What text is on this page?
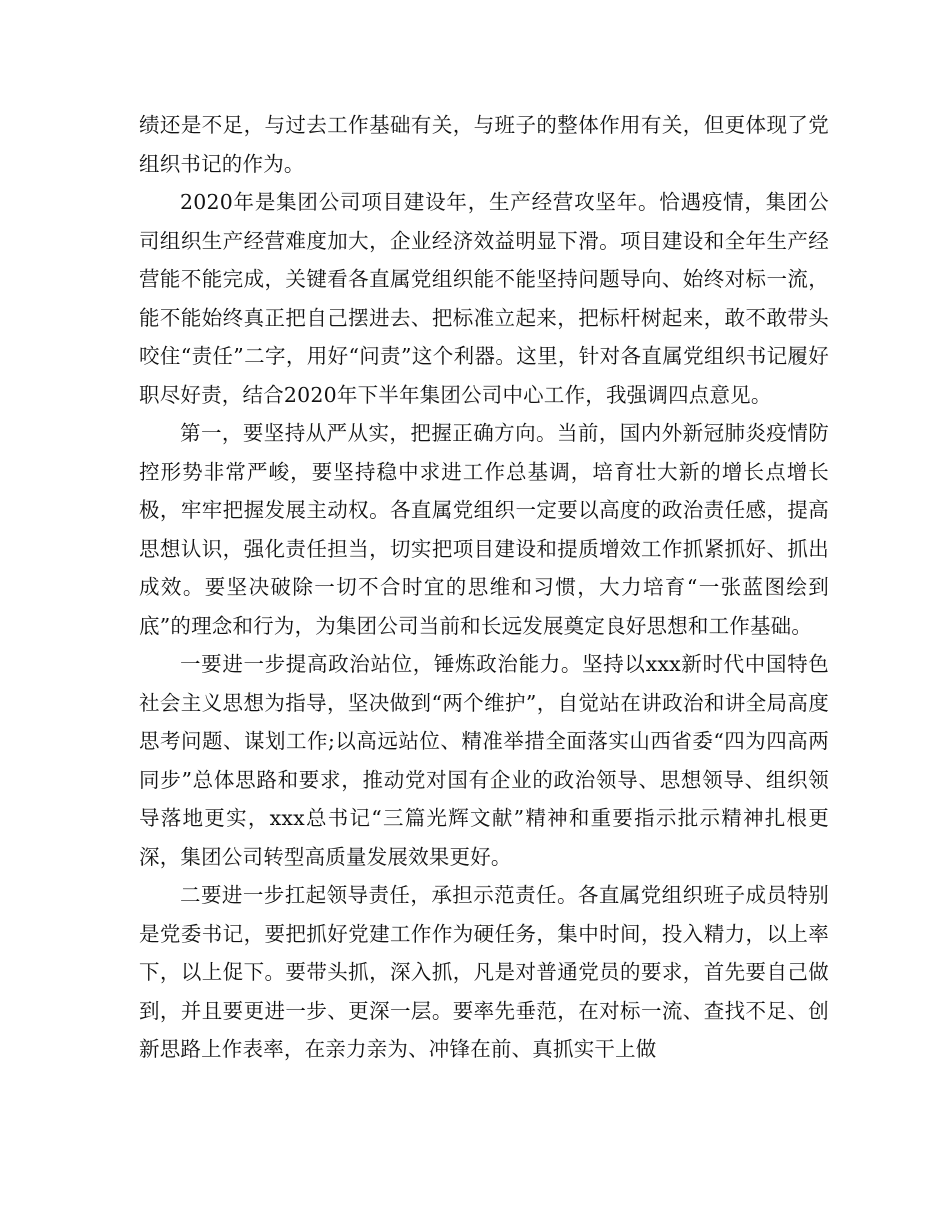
绩还是不足，与过去工作基础有关，与班子的整体作用有关，但更体现了党组织书记的作为。

2020年是集团公司项目建设年，生产经营攻坚年。恰遇疫情，集团公司组织生产经营难度加大，企业经济效益明显下滑。项目建设和全年生产经营能不能完成，关键看各直属党组织能不能坚持问题导向、始终对标一流，能不能始终真正把自己摆进去、把标准立起来，把标杆树起来，敢不敢带头咬住“责任”二字，用好“问责”这个利器。这里，针对各直属党组织书记履好职尽好责，结合2020年下半年集团公司中心工作，我强调四点意见。

第一，要坚持从严从实，把握正确方向。当前，国内外新冠肺炎疫情防控形势非常严峻，要坚持稳中求进工作总基调，培育壮大新的增长点增长极，牢牢把握发展主动权。各直属党组织一定要以高度的政治责任感，提高思想认识，强化责任担当，切实把项目建设和提质增效工作抓紧抓好、抓出成效。要坚决破除一切不合时宜的思维和习惯，大力培育“一张蓝图绘到底”的理念和行为，为集团公司当前和长远发展奠定良好思想和工作基础。

一要进一步提高政治站位，锤炼政治能力。坚持以xxx新时代中国特色社会主义思想为指导，坚决做到“两个维护”，自觉站在讲政治和讲全局高度思考问题、谋划工作;以高远站位、精准举措全面落实山西省委“四为四高两同步”总体思路和要求，推动党对国有企业的政治领导、思想领导、组织领导落地更实，xxx总书记“三篇光辉文献”精神和重要指示批示精神扎根更深，集团公司转型高质量发展效果更好。

二要进一步扛起领导责任，承担示范责任。各直属党组织班子成员特别是党委书记，要把抓好党建工作作为硬任务，集中时间，投入精力，以上率下，以上促下。要带头抓，深入抓，凡是对普通党员的要求，首先要自己做到，并且要更进一步、更深一层。要率先垂范，在对标一流、查找不足、创新思路上作表率，在亲力亲为、冲锋在前、真抓实干上做
